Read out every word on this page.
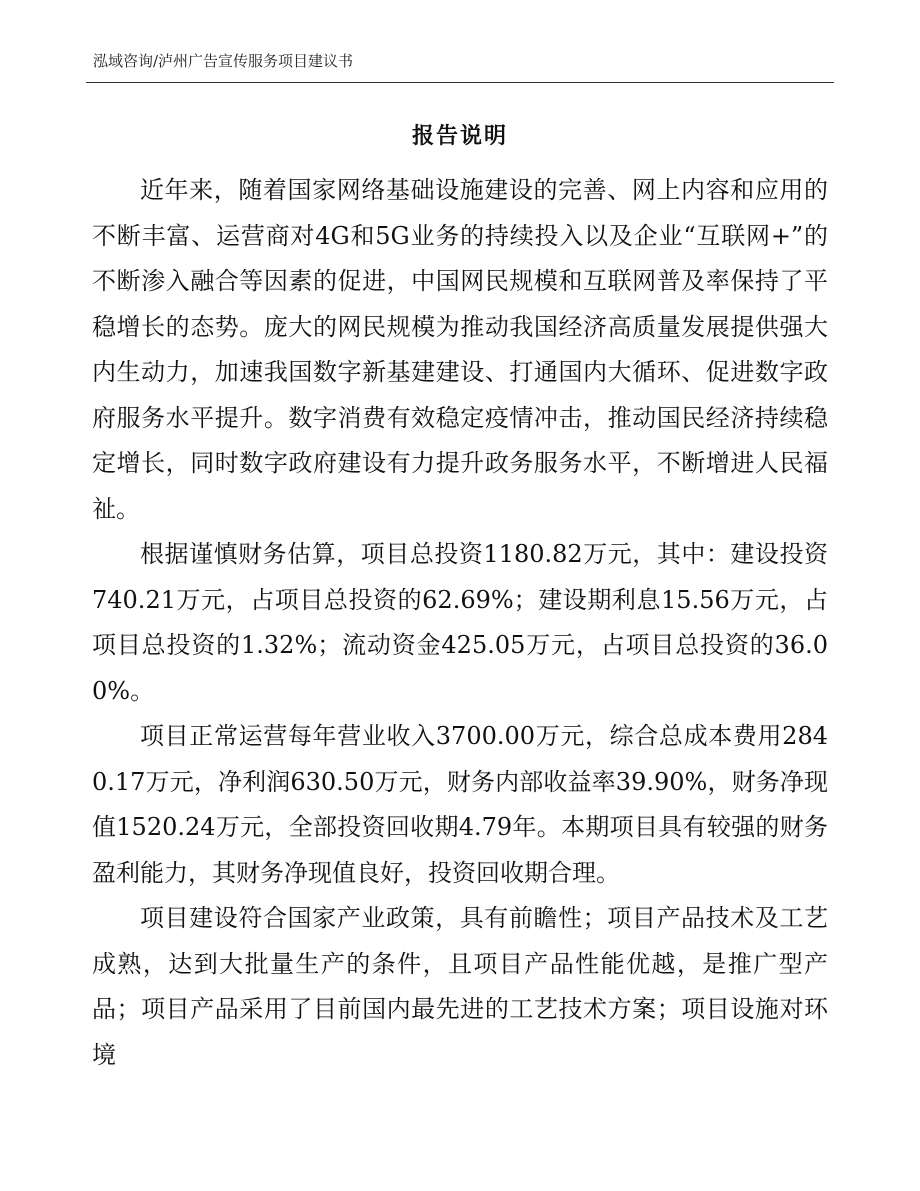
泓域咨询/泸州广告宣传服务项目建议书
报告说明

近年来，随着国家网络基础设施建设的完善、网上内容和应用的不断丰富、运营商对4G和5G业务的持续投入以及企业“互联网+”的不断渗入融合等因素的促进，中国网民规模和互联网普及率保持了平稳增长的态势。庞大的网民规模为推动我国经济高质量发展提供强大内生动力，加速我国数字新基建建设、打通国内大循环、促进数字政府服务水平提升。数字消费有效稳定疫情冲击，推动国民经济持续稳定增长，同时数字政府建设有力提升政务服务水平，不断增进人民福祉。

根据谨慎财务估算，项目总投资1180.82万元，其中：建设投资740.21万元，占项目总投资的62.69%；建设期利息15.56万元，占项目总投资的1.32%；流动资金425.05万元，占项目总投资的36.00%。

项目正常运营每年营业收入3700.00万元，综合总成本费用2840.17万元，净利润630.50万元，财务内部收益率39.90%，财务净现值1520.24万元，全部投资回收期4.79年。本期项目具有较强的财务盈利能力，其财务净现值良好，投资回收期合理。

项目建设符合国家产业政策，具有前瞻性；项目产品技术及工艺成熟，达到大批量生产的条件，且项目产品性能优越，是推广型产品；项目产品采用了目前国内最先进的工艺技术方案；项目设施对环境
